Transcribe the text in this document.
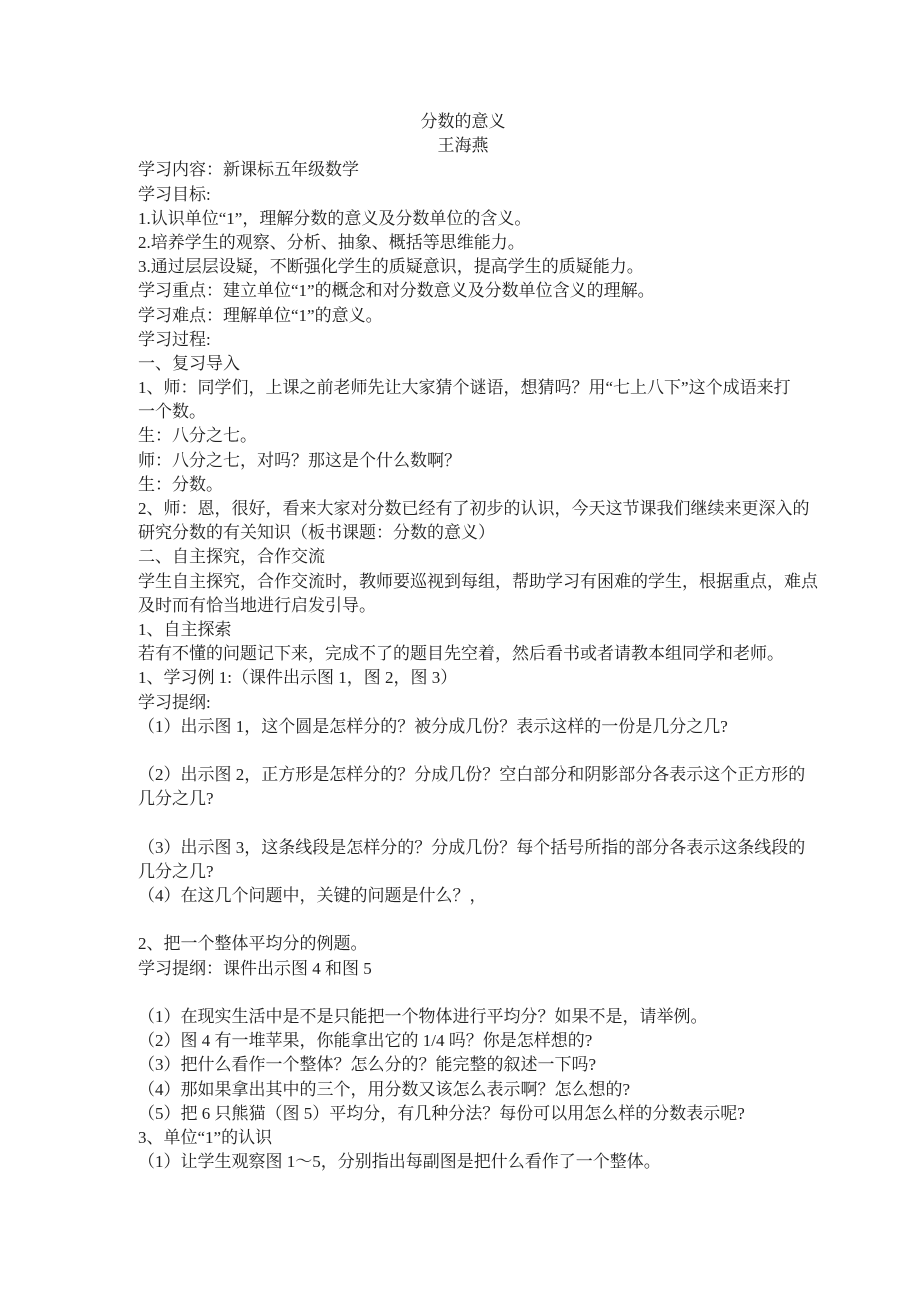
分数的意义
王海燕
学习内容：新课标五年级数学
学习目标:
1.认识单位“1”，理解分数的意义及分数单位的含义。
2.培养学生的观察、分析、抽象、概括等思维能力。
3.通过层层设疑，不断强化学生的质疑意识，提高学生的质疑能力。
学习重点：建立单位“1”的概念和对分数意义及分数单位含义的理解。
学习难点：理解单位“1”的意义。
学习过程:
一、复习导入
1、师：同学们，上课之前老师先让大家猜个谜语，想猜吗？用“七上八下”这个成语来打
一个数。
生：八分之七。
师：八分之七，对吗？那这是个什么数啊？
生：分数。
2、师：恩，很好，看来大家对分数已经有了初步的认识，今天这节课我们继续来更深入的
研究分数的有关知识（板书课题：分数的意义）
二、自主探究，合作交流
学生自主探究，合作交流时，教师要巡视到每组，帮助学习有困难的学生，根据重点，难点
及时而有恰当地进行启发引导。
1、自主探索
若有不懂的问题记下来，完成不了的题目先空着，然后看书或者请教本组同学和老师。
1、学习例 1:（课件出示图 1，图 2，图 3）
学习提纲:
（1）出示图 1，这个圆是怎样分的？被分成几份？表示这样的一份是几分之几?

（2）出示图 2，正方形是怎样分的？分成几份？空白部分和阴影部分各表示这个正方形的
几分之几?

（3）出示图 3，这条线段是怎样分的？分成几份？每个括号所指的部分各表示这条线段的
几分之几?
（4）在这几个问题中，关键的问题是什么？，

2、把一个整体平均分的例题。
学习提纲：课件出示图 4 和图 5

（1）在现实生活中是不是只能把一个物体进行平均分？如果不是，请举例。
（2）图 4 有一堆苹果，你能拿出它的 1/4 吗？你是怎样想的?
（3）把什么看作一个整体？怎么分的？能完整的叙述一下吗?
（4）那如果拿出其中的三个，用分数又该怎么表示啊？怎么想的?
（5）把 6 只熊猫（图 5）平均分，有几种分法？每份可以用怎么样的分数表示呢?
3、单位“1”的认识
（1）让学生观察图 1～5，分别指出每副图是把什么看作了一个整体。
